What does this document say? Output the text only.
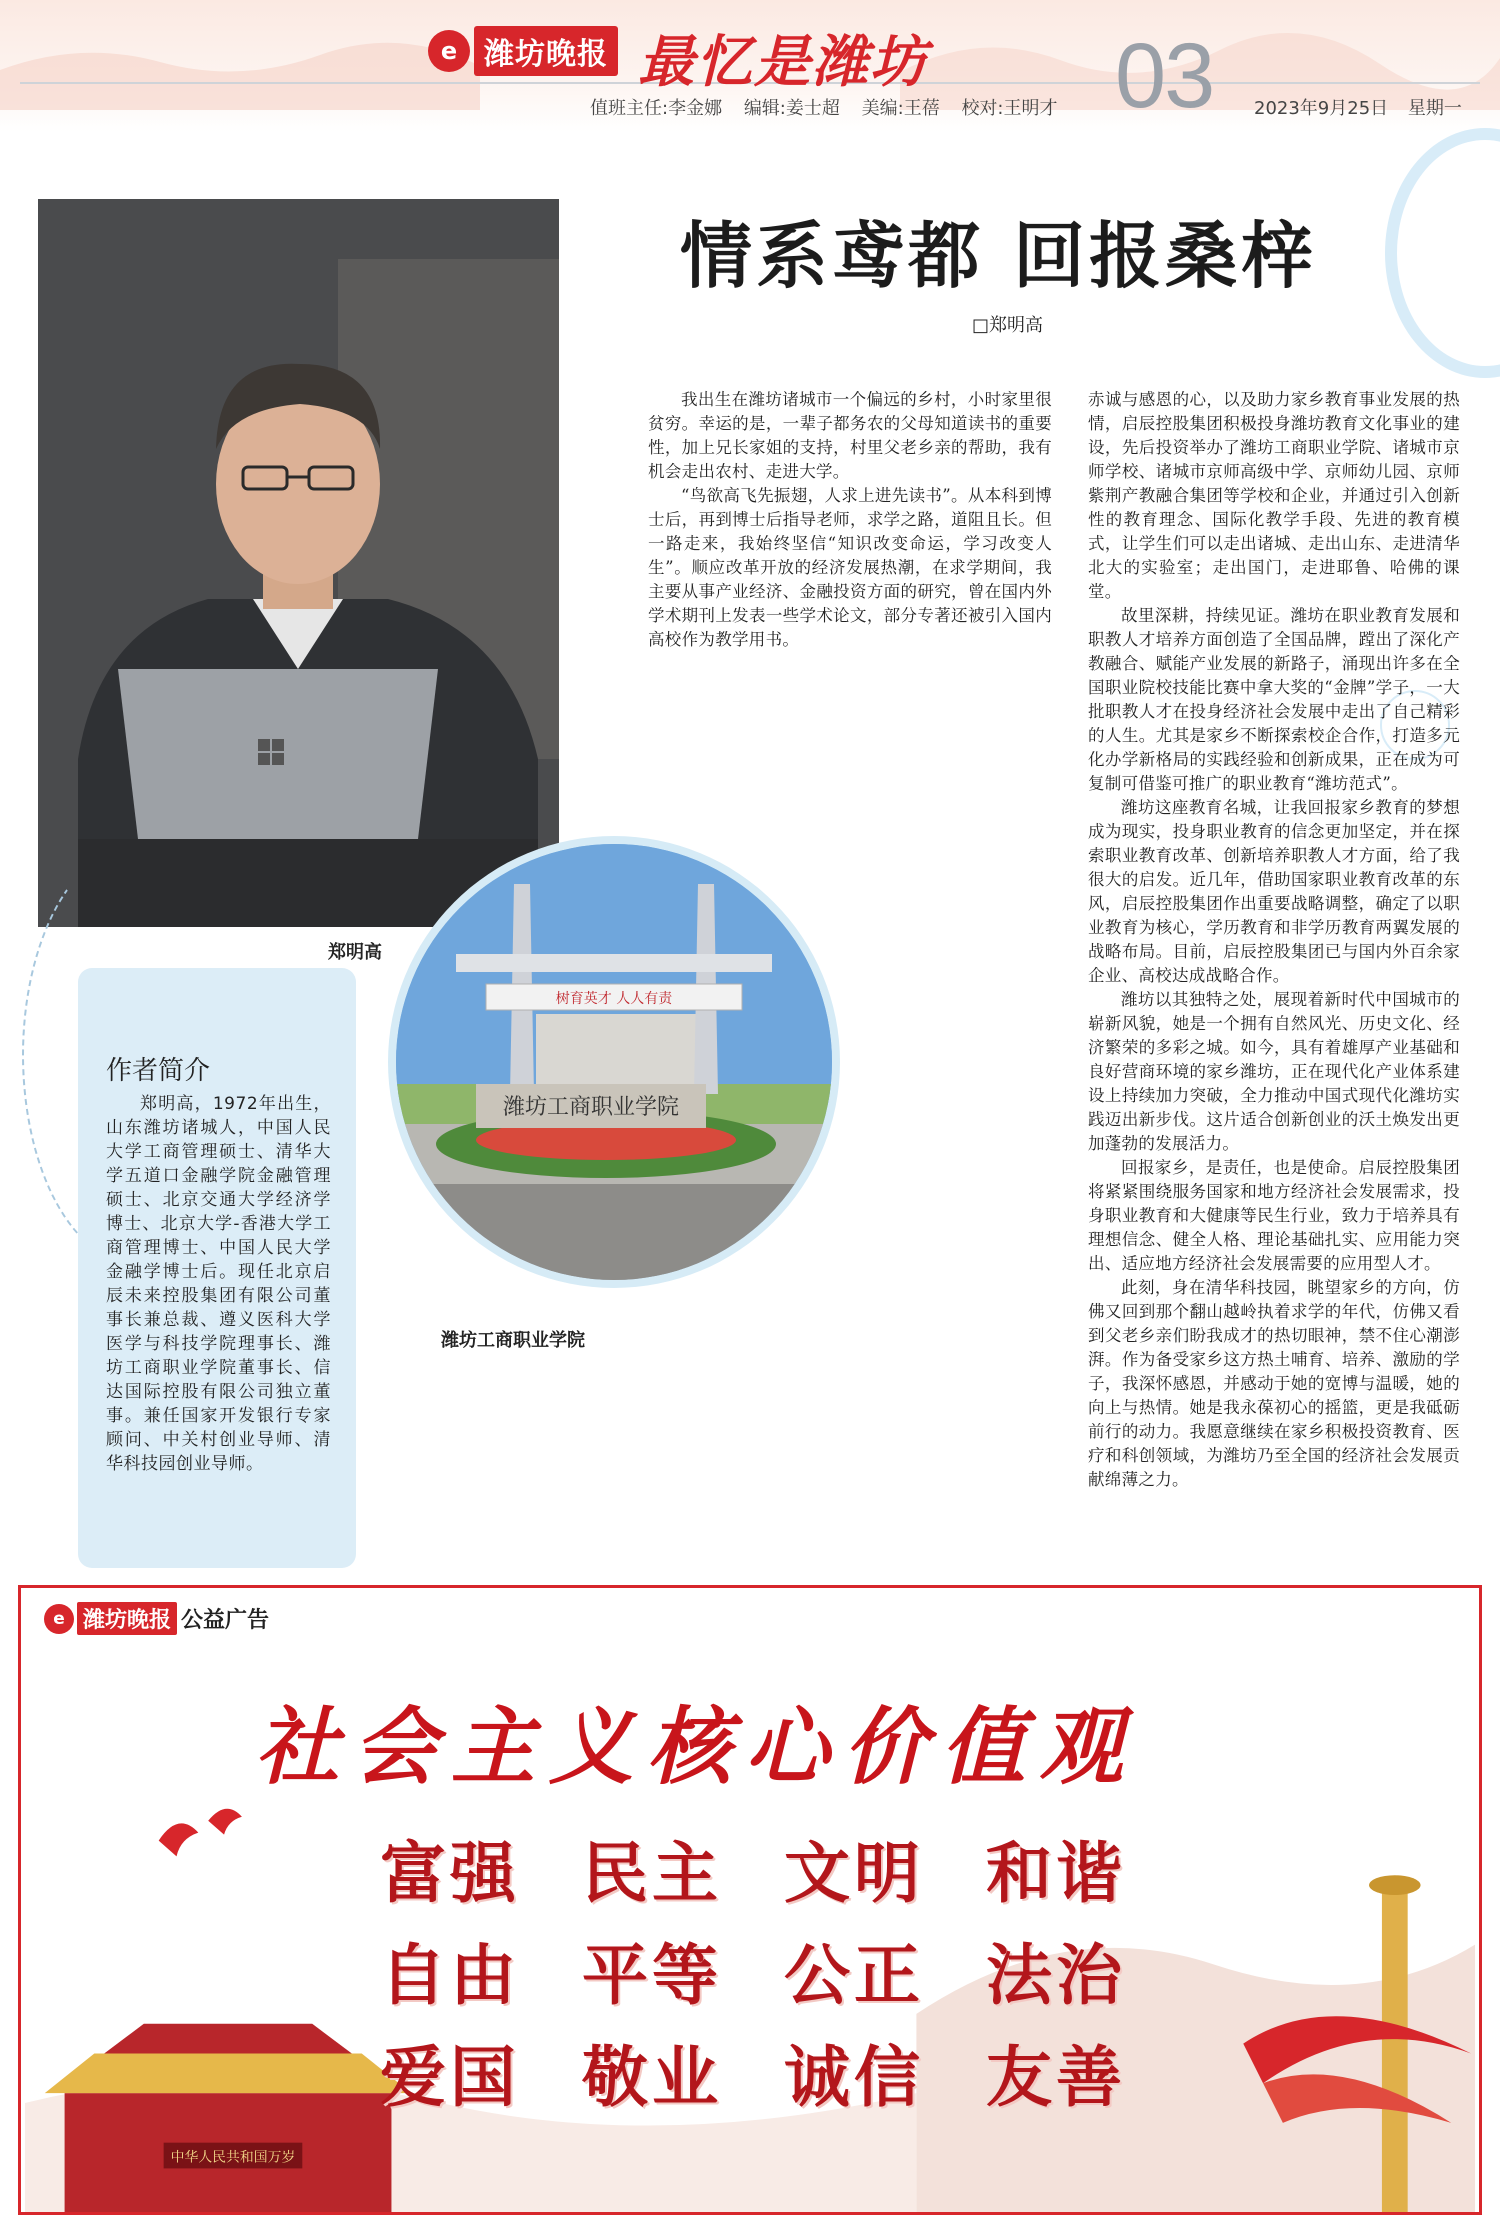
e 潍坊晚报 最忆是潍坊 03
值班主任:李金娜 编辑:姜士超 美编:王蓓 校对:王明才	2023年9月25日 星期一
情系鸢都 回报桑梓
□郑明高
郑明高
作者简介
郑明高，1972年出生，山东潍坊诸城人，中国人民大学工商管理硕士、清华大学五道口金融学院金融管理硕士、北京交通大学经济学博士、北京大学-香港大学工商管理博士、中国人民大学金融学博士后。现任北京启辰未来控股集团有限公司董事长兼总裁、遵义医科大学医学与科技学院理事长、潍坊工商职业学院董事长、信达国际控股有限公司独立董事。兼任国家开发银行专家顾问、中关村创业导师、清华科技园创业导师。
树育英才 人人有责
潍坊工商职业学院
潍坊工商职业学院

我出生在潍坊诸城市一个偏远的乡村，小时家里很贫穷。幸运的是，一辈子都务农的父母知道读书的重要性，加上兄长家姐的支持，村里父老乡亲的帮助，我有机会走出农村、走进大学。

“鸟欲高飞先振翅，人求上进先读书”。从本科到博士后，再到博士后指导老师，求学之路，道阻且长。但一路走来，我始终坚信“知识改变命运，学习改变人生”。顺应改革开放的经济发展热潮，在求学期间，我主要从事产业经济、金融投资方面的研究，曾在国内外学术期刊上发表一些学术论文，部分专著还被引入国内高校作为教学用书。

赤诚与感恩的心，以及助力家乡教育事业发展的热情，启辰控股集团积极投身潍坊教育文化事业的建设，先后投资举办了潍坊工商职业学院、诸城市京师学校、诸城市京师高级中学、京师幼儿园、京师紫荆产教融合集团等学校和企业，并通过引入创新性的教育理念、国际化教学手段、先进的教育模式，让学生们可以走出诸城、走出山东、走进清华北大的实验室；走出国门，走进耶鲁、哈佛的课堂。

故里深耕，持续见证。潍坊在职业教育发展和职教人才培养方面创造了全国品牌，蹚出了深化产教融合、赋能产业发展的新路子，涌现出许多在全国职业院校技能比赛中拿大奖的“金牌”学子，一大批职教人才在投身经济社会发展中走出了自己精彩的人生。尤其是家乡不断探索校企合作，打造多元化办学新格局的实践经验和创新成果，正在成为可复制可借鉴可推广的职业教育“潍坊范式”。

潍坊这座教育名城，让我回报家乡教育的梦想成为现实，投身职业教育的信念更加坚定，并在探索职业教育改革、创新培养职教人才方面，给了我很大的启发。近几年，借助国家职业教育改革的东风，启辰控股集团作出重要战略调整，确定了以职业教育为核心，学历教育和非学历教育两翼发展的战略布局。目前，启辰控股集团已与国内外百余家企业、高校达成战略合作。

潍坊以其独特之处，展现着新时代中国城市的崭新风貌，她是一个拥有自然风光、历史文化、经济繁荣的多彩之城。如今，具有着雄厚产业基础和良好营商环境的家乡潍坊，正在现代化产业体系建设上持续加力突破，全力推动中国式现代化潍坊实践迈出新步伐。这片适合创新创业的沃土焕发出更加蓬勃的发展活力。

回报家乡，是责任，也是使命。启辰控股集团将紧紧围绕服务国家和地方经济社会发展需求，投身职业教育和大健康等民生行业，致力于培养具有理想信念、健全人格、理论基础扎实、应用能力突出、适应地方经济社会发展需要的应用型人才。

此刻，身在清华科技园，眺望家乡的方向，仿佛又回到那个翻山越岭执着求学的年代，仿佛又看到父老乡亲们盼我成才的热切眼神，禁不住心潮澎湃。作为备受家乡这方热土哺育、培养、激励的学子，我深怀感恩，并感动于她的宽博与温暖，她的向上与热情。她是我永葆初心的摇篮，更是我砥砺前行的动力。我愿意继续在家乡积极投资教育、医疗和科创领域，为潍坊乃至全国的经济社会发展贡献绵薄之力。

中华人民共和国万岁
e 潍坊晚报 公益广告
社会主义核心价值观
富强 民主 文明 和谐
自由 平等 公正 法治
爱国 敬业 诚信 友善
